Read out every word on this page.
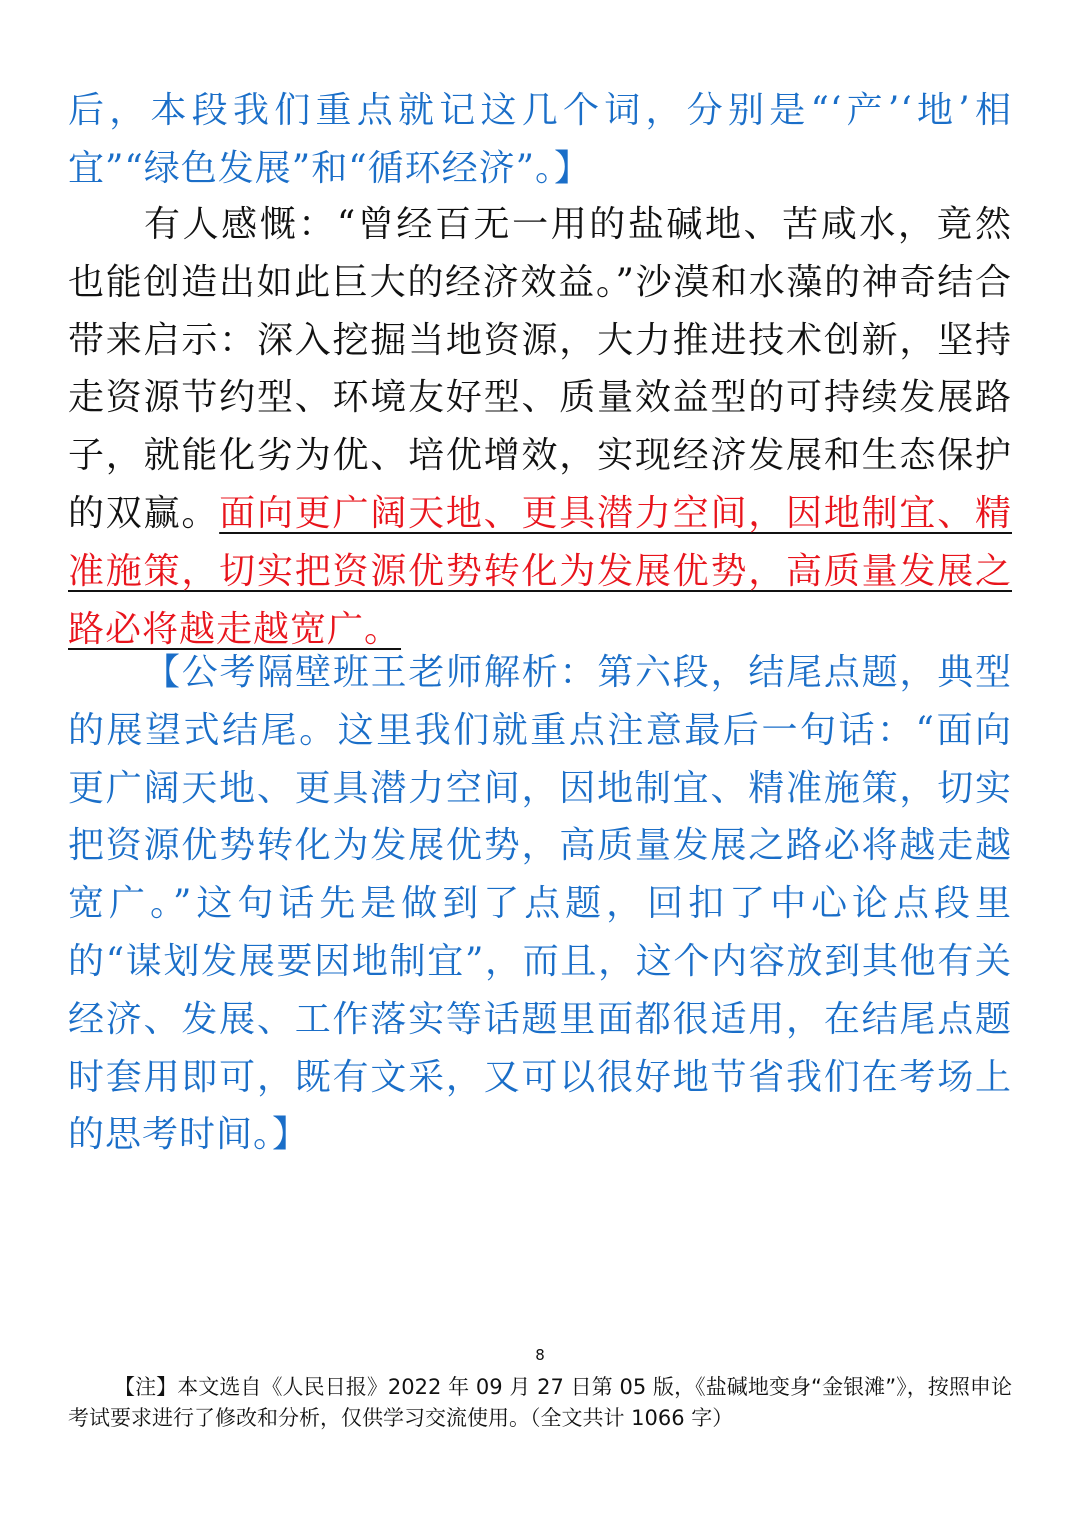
后，本段我们重点就记这几个词，分别是“‘产’‘地’相宜”“绿色发展”和“循环经济”。】

有人感慨：“曾经百无一用的盐碱地、苦咸水，竟然也能创造出如此巨大的经济效益。”沙漠和水藻的神奇结合带来启示：深入挖掘当地资源，大力推进技术创新，坚持走资源节约型、环境友好型、质量效益型的可持续发展路子，就能化劣为优、培优增效，实现经济发展和生态保护的双赢。面向更广阔天地、更具潜力空间，因地制宜、精准施策，切实把资源优势转化为发展优势，高质量发展之路必将越走越宽广。

【公考隔壁班王老师解析：第六段，结尾点题，典型的展望式结尾。这里我们就重点注意最后一句话：“面向更广阔天地、更具潜力空间，因地制宜、精准施策，切实把资源优势转化为发展优势，高质量发展之路必将越走越宽广。”这句话先是做到了点题，回扣了中心论点段里的“谋划发展要因地制宜”，而且，这个内容放到其他有关经济、发展、工作落实等话题里面都很适用，在结尾点题时套用即可，既有文采，又可以很好地节省我们在考场上的思考时间。】

8

【注】本文选自《人民日报》2022 年 09 月 27 日第 05 版，《盐碱地变身“金银滩”》，按照申论考试要求进行了修改和分析，仅供学习交流使用。（全文共计 1066 字）
